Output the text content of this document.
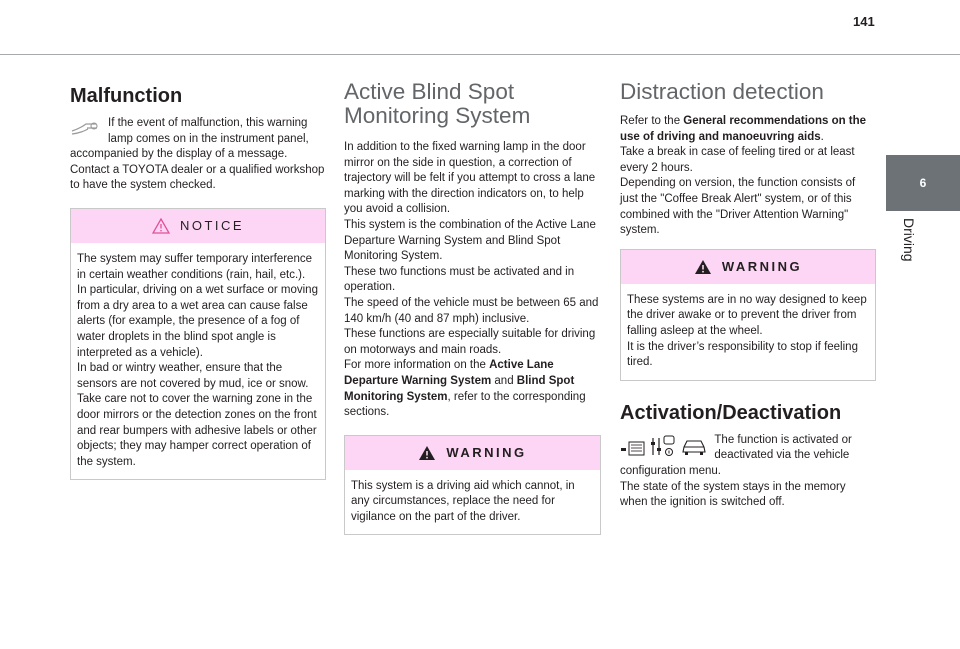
141
6
Driving
Malfunction

If the event of malfunction, this warning lamp comes on in the instrument panel, accompanied by the display of a message. Contact a TOYOTA dealer or a qualified workshop to have the system checked.

NOTICE

The system may suffer temporary interference in certain weather conditions (rain, hail, etc.).

In particular, driving on a wet surface or moving from a dry area to a wet area can cause false alerts (for example, the presence of a fog of water droplets in the blind spot angle is interpreted as a vehicle).

In bad or wintry weather, ensure that the sensors are not covered by mud, ice or snow. Take care not to cover the warning zone in the door mirrors or the detection zones on the front and rear bumpers with adhesive labels or other objects; they may hamper correct operation of the system.

Active Blind Spot
Monitoring System

In addition to the fixed warning lamp in the door mirror on the side in question, a correction of trajectory will be felt if you attempt to cross a lane marking with the direction indicators on, to help you avoid a collision.

This system is the combination of the Active Lane Departure Warning System and Blind Spot Monitoring System.

These two functions must be activated and in operation.

The speed of the vehicle must be between 65 and 140 km/h (40 and 87 mph) inclusive.

These functions are especially suitable for driving on motorways and main roads.

For more information on the Active Lane Departure Warning System and Blind Spot Monitoring System, refer to the corresponding sections.

WARNING

This system is a driving aid which cannot, in any circumstances, replace the need for vigilance on the part of the driver.

Distraction detection

Refer to the General recommendations on the use of driving and manoeuvring aids.

Take a break in case of feeling tired or at least every 2 hours.

Depending on version, the function consists of just the "Coffee Break Alert" system, or of this combined with the "Driver Attention Warning" system.

WARNING

These systems are in no way designed to keep the driver awake or to prevent the driver from falling asleep at the wheel.

It is the driver’s responsibility to stop if feeling tired.

Activation/Deactivation

The function is activated or deactivated via the vehicle configuration menu.

The state of the system stays in the memory when the ignition is switched off.
